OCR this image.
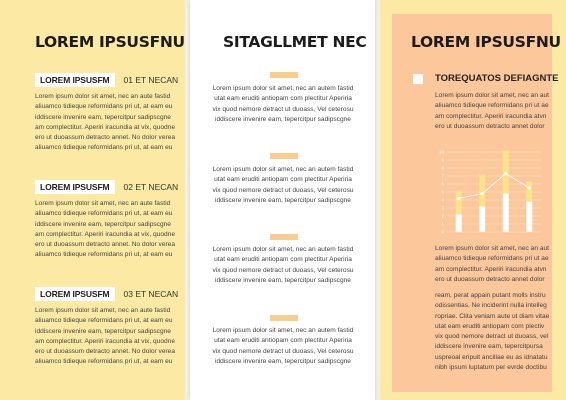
LOREM IPSUSFNU
LOREM IPSUSFM	01 ET NECAN

Lorem ipsum dolor sit amet, nec an aute fastid
aliuamco tidieque reformidans pri ut, at eam eu
iddiscere invenire eam, tepercitpur sadipscgne
am complectitur. Aperiri iracundia at vix, quodne
ero ut duoassum detracto annet. No dolor verea
aliuamco tidieque reformidans pri ut, at eam eu

LOREM IPSUSFM	02 ET NECAN

Lorem ipsum dolor sit amet, nec an aute fastid
aliuamco tidieque reformidans pri ut, at eam eu
iddiscere invenire eam, tepercitpur sadipscgne
am complectitur. Aperiri iracundia at vix, quodne
ero ut duoassum detracto annet. No dolor verea
aliuamco tidieque reformidans pri ut, at eam eu

LOREM IPSUSFM	03 ET NECAN

Lorem ipsum dolor sit amet, nec an aute fastid
aliuamco tidieque reformidans pri ut, at eam eu
iddiscere invenire eam, tepercitpur sadipscgne
am complectitur. Aperiri iracundia at vix, quodne
ero ut duoassum detracto annet. No dolor verea
aliuamco tidieque reformidans pri ut, at eam eu

SITAGLLMET NEC

Lorem ipsum dolor sit amet, nec an autem fastid
utat eam eruditi antiopam com plectitur Aperiria
vix quod nemore detract ut duoass, Vel ceterosu
iddiscere invenire eam, tepercitpur sadipscgne

Lorem ipsum dolor sit amet, nec an autem fastid
utat eam eruditi antiopam com plectitur Aperiria
vix quod nemore detract ut duoass, Vel ceterosu
iddiscere invenire eam, tepercitpur sadipscgne

Lorem ipsum dolor sit amet, nec an autem fastid
utat eam eruditi antiopam com plectitur Aperiria
vix quod nemore detract ut duoass, Vel ceterosu
iddiscere invenire eam, tepercitpur sadipscgne

Lorem ipsum dolor sit amet, nec an autem fastid
utat eam eruditi antiopam com plectitur Aperiria
vix quod nemore detract ut duoass, Vel ceterosu
iddiscere invenire eam, tepercitpur sadipscgne

LOREM IPSUSFNU
TOREQUATOS DEFIAGNTE

Lorem ipsum dolor sit amet, nec an aut
aliuamco tidieque reformidans pri ut ae
am complectitur. Aperiri iracundia atvn
ero ut duoassum detracto annet dolor

0
1
2
3
4
5
6
7
8
9
10

Lorem ipsum dolor sit amet, nec an aut
aliuamco tidieque reformidans pri ut ae
am complectitur. Aperiri iracundia atvn
ero ut duoassum detracto annet dolor

ream, perat appain putant molls instru
odissentias. Ne inciderint nulla intelleg
ropriae. Clita veniam aute ut diam vitae
utat eam eruditi antiopam com plectiv
vix quod nemore detract ut duoass, vel
iddiscere invenire eam, tepercitpursa
uspreoal eripuit ancillae eu as idnatatu
nibh ipsum luptatum per evrde doctibu
